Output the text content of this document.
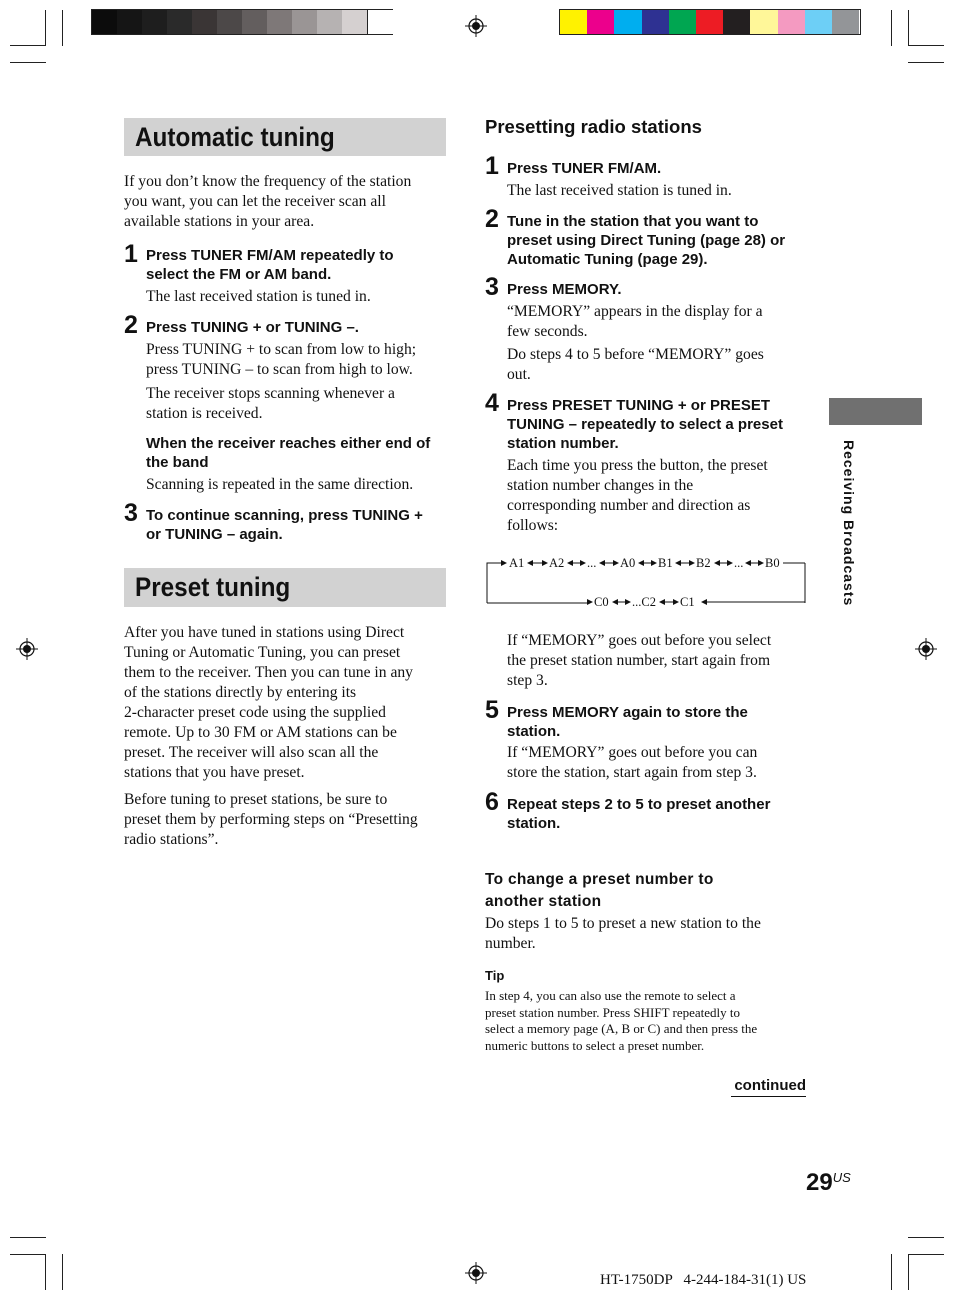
Automatic tuning

If you don’t know the frequency of the station

you want, you can let the receiver scan all

available stations in your area.

1 Press TUNER FM/AM repeatedly to

select the FM or AM band.

The last received station is tuned in.

2 Press TUNING + or TUNING –.

Press TUNING + to scan from low to high;

press TUNING – to scan from high to low.

The receiver stops scanning whenever a

station is received.

When the receiver reaches either end of

the band

Scanning is repeated in the same direction.
3 To continue scanning, press TUNING +

or TUNING – again.

Preset tuning

After you have tuned in stations using Direct

Tuning or Automatic Tuning, you can preset

them to the receiver. Then you can tune in any

of the stations directly by entering its

2-character preset code using the supplied

remote. Up to 30 FM or AM stations can be

preset. The receiver will also scan all the

stations that you have preset.

Before tuning to preset stations, be sure to

preset them by performing steps on “Presetting

radio stations”.

Presetting radio stations
1 Press TUNER FM/AM.
The last received station is tuned in.
2 Tune in the station that you want to

preset using Direct Tuning (page 28) or

Automatic Tuning (page 29).

3 Press MEMORY.

“MEMORY” appears in the display for a

few seconds.

Do steps 4 to 5 before “MEMORY” goes

out.

4 Press PRESET TUNING + or PRESET

TUNING – repeatedly to select a preset

station number.

Each time you press the button, the preset

station number changes in the

corresponding number and direction as

follows:

A1 A2 ... A0 B1 B2 ... B0
C0 ...C2 C1

If “MEMORY” goes out before you select

the preset station number, start again from

step 3.

5 Press MEMORY again to store the

station.

If “MEMORY” goes out before you can

store the station, start again from step 3.

6 Repeat steps 2 to 5 to preset another

station.

To change a preset number to

another station

Do steps 1 to 5 to preset a new station to the

number.

Tip

In step 4, you can also use the remote to select a

preset station number. Press SHIFT repeatedly to

select a memory page (A, B or C) and then press the

numeric buttons to select a preset number.

continued
Receiving Broadcasts
$29^{US}$
HT-1750DP   4-244-184-31(1) US
